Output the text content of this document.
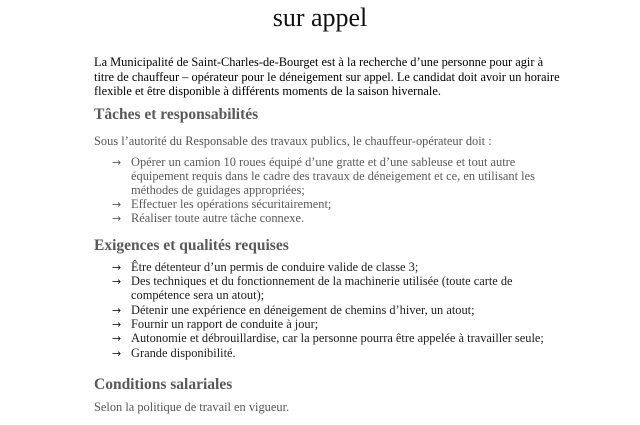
sur appel
La Municipalité de Saint-Charles-de-Bourget est à la recherche d’une personne pour agir à titre de chauffeur – opérateur pour le déneigement sur appel. Le candidat doit avoir un horaire flexible et être disponible à différents moments de la saison hivernale.
Tâches et responsabilités
Sous l’autorité du Responsable des travaux publics, le chauffeur-opérateur doit :
→ Opérer un camion 10 roues équipé d’une gratte et d’une sableuse et tout autre équipement requis dans le cadre des travaux de déneigement et ce, en utilisant les méthodes de guidages appropriées;
→ Effectuer les opérations sécuritairement;
→ Réaliser toute autre tâche connexe.
Exigences et qualités requises
→ Être détenteur d’un permis de conduire valide de classe 3;
→ Des techniques et du fonctionnement de la machinerie utilisée (toute carte de compétence sera un atout);
→ Détenir une expérience en déneigement de chemins d’hiver, un atout;
→ Fournir un rapport de conduite à jour;
→ Autonomie et débrouillardise, car la personne pourra être appelée à travailler seule;
→ Grande disponibilité.
Conditions salariales
Selon la politique de travail en vigueur.
